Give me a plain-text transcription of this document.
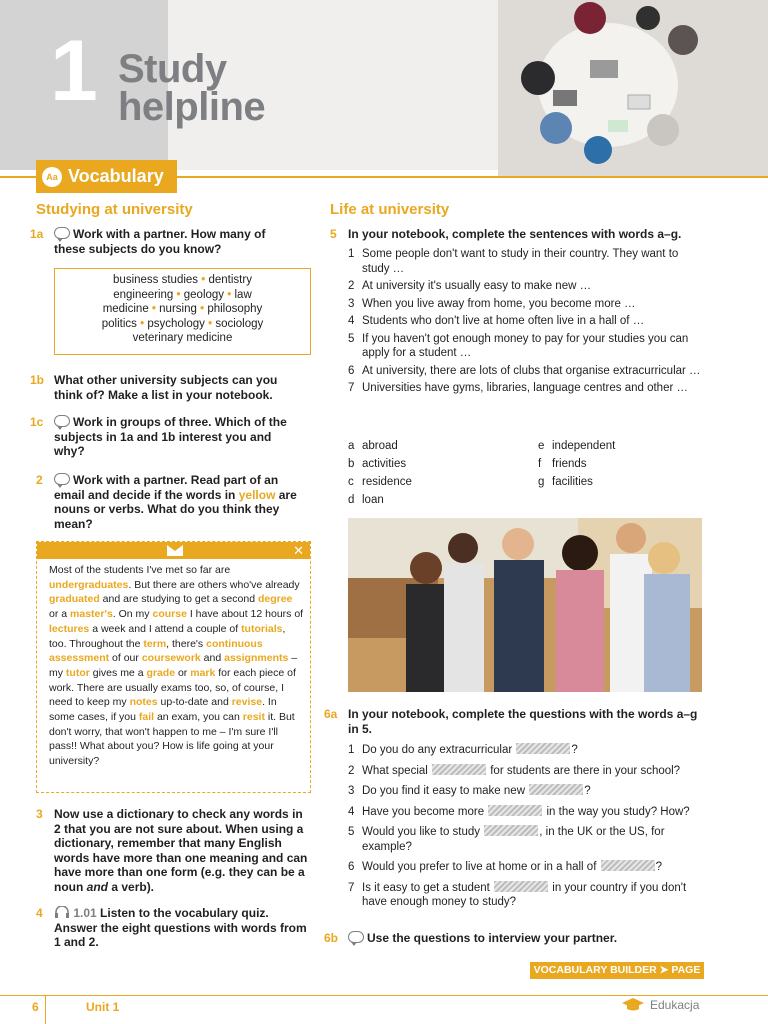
1 Study
helpline
Aa Vocabulary
Studying at university
1a	Work with a partner. How many of these subjects do you know?
business studies • dentistry
engineering • geology • law
medicine • nursing • philosophy
politics • psychology • sociology
veterinary medicine
1b What other university subjects can you think of? Make a list in your notebook.
1c	Work in groups of three. Which of the subjects in 1a and 1b interest you and why?
2	Work with a partner. Read part of an email and decide if the words in yellow are nouns or verbs. What do you think they mean?
✕
Most of the students I've met so far are undergraduates. But there are others who've already graduated and are studying to get a second degree or a master's. On my course I have about 12 hours of lectures a week and I attend a couple of tutorials, too. Throughout the term, there's continuous assessment of our coursework and assignments – my tutor gives me a grade or mark for each piece of work. There are usually exams too, so, of course, I need to keep my notes up-to-date and revise. In some cases, if you fail an exam, you can resit it. But don't worry, that won't happen to me – I'm sure I'll pass!! What about you? How is life going at your university?
3 Now use a dictionary to check any words in 2 that you are not sure about. When using a dictionary, remember that many English words have more than one meaning and can have more than one form (e.g. they can be a noun and a verb).
4	1.01 Listen to the vocabulary quiz. Answer the eight questions with words from 1 and 2.
Life at university
5 In your notebook, complete the sentences with words a–g.
1 Some people don't want to study in their country. They want to study …
2 At university it's usually easy to make new …
3 When you live away from home, you become more …
4 Students who don't live at home often live in a hall of …
5 If you haven't got enough money to pay for your studies you can apply for a student …
6 At university, there are lots of clubs that organise extracurricular …
7 Universities have gyms, libraries, language centres and other …
a abroad
b activities
c residence
d loan
e independent
f friends
g facilities
6a In your notebook, complete the questions with the words a–g in 5.
1 Do you do any extracurricular	?
2 What special	for students are there in your school?
3 Do you find it easy to make new	?
4 Have you become more	in the way you study? How?
5 Would you like to study	, in the UK or the US, for example?
6 Would you prefer to live at home or in a hall of	?
7 Is it easy to get a student	in your country if you don't have enough money to study?
6b	Use the questions to interview your partner.
VOCABULARY BUILDER ➤ PAGE 126
6	Unit 1	Edukacja
